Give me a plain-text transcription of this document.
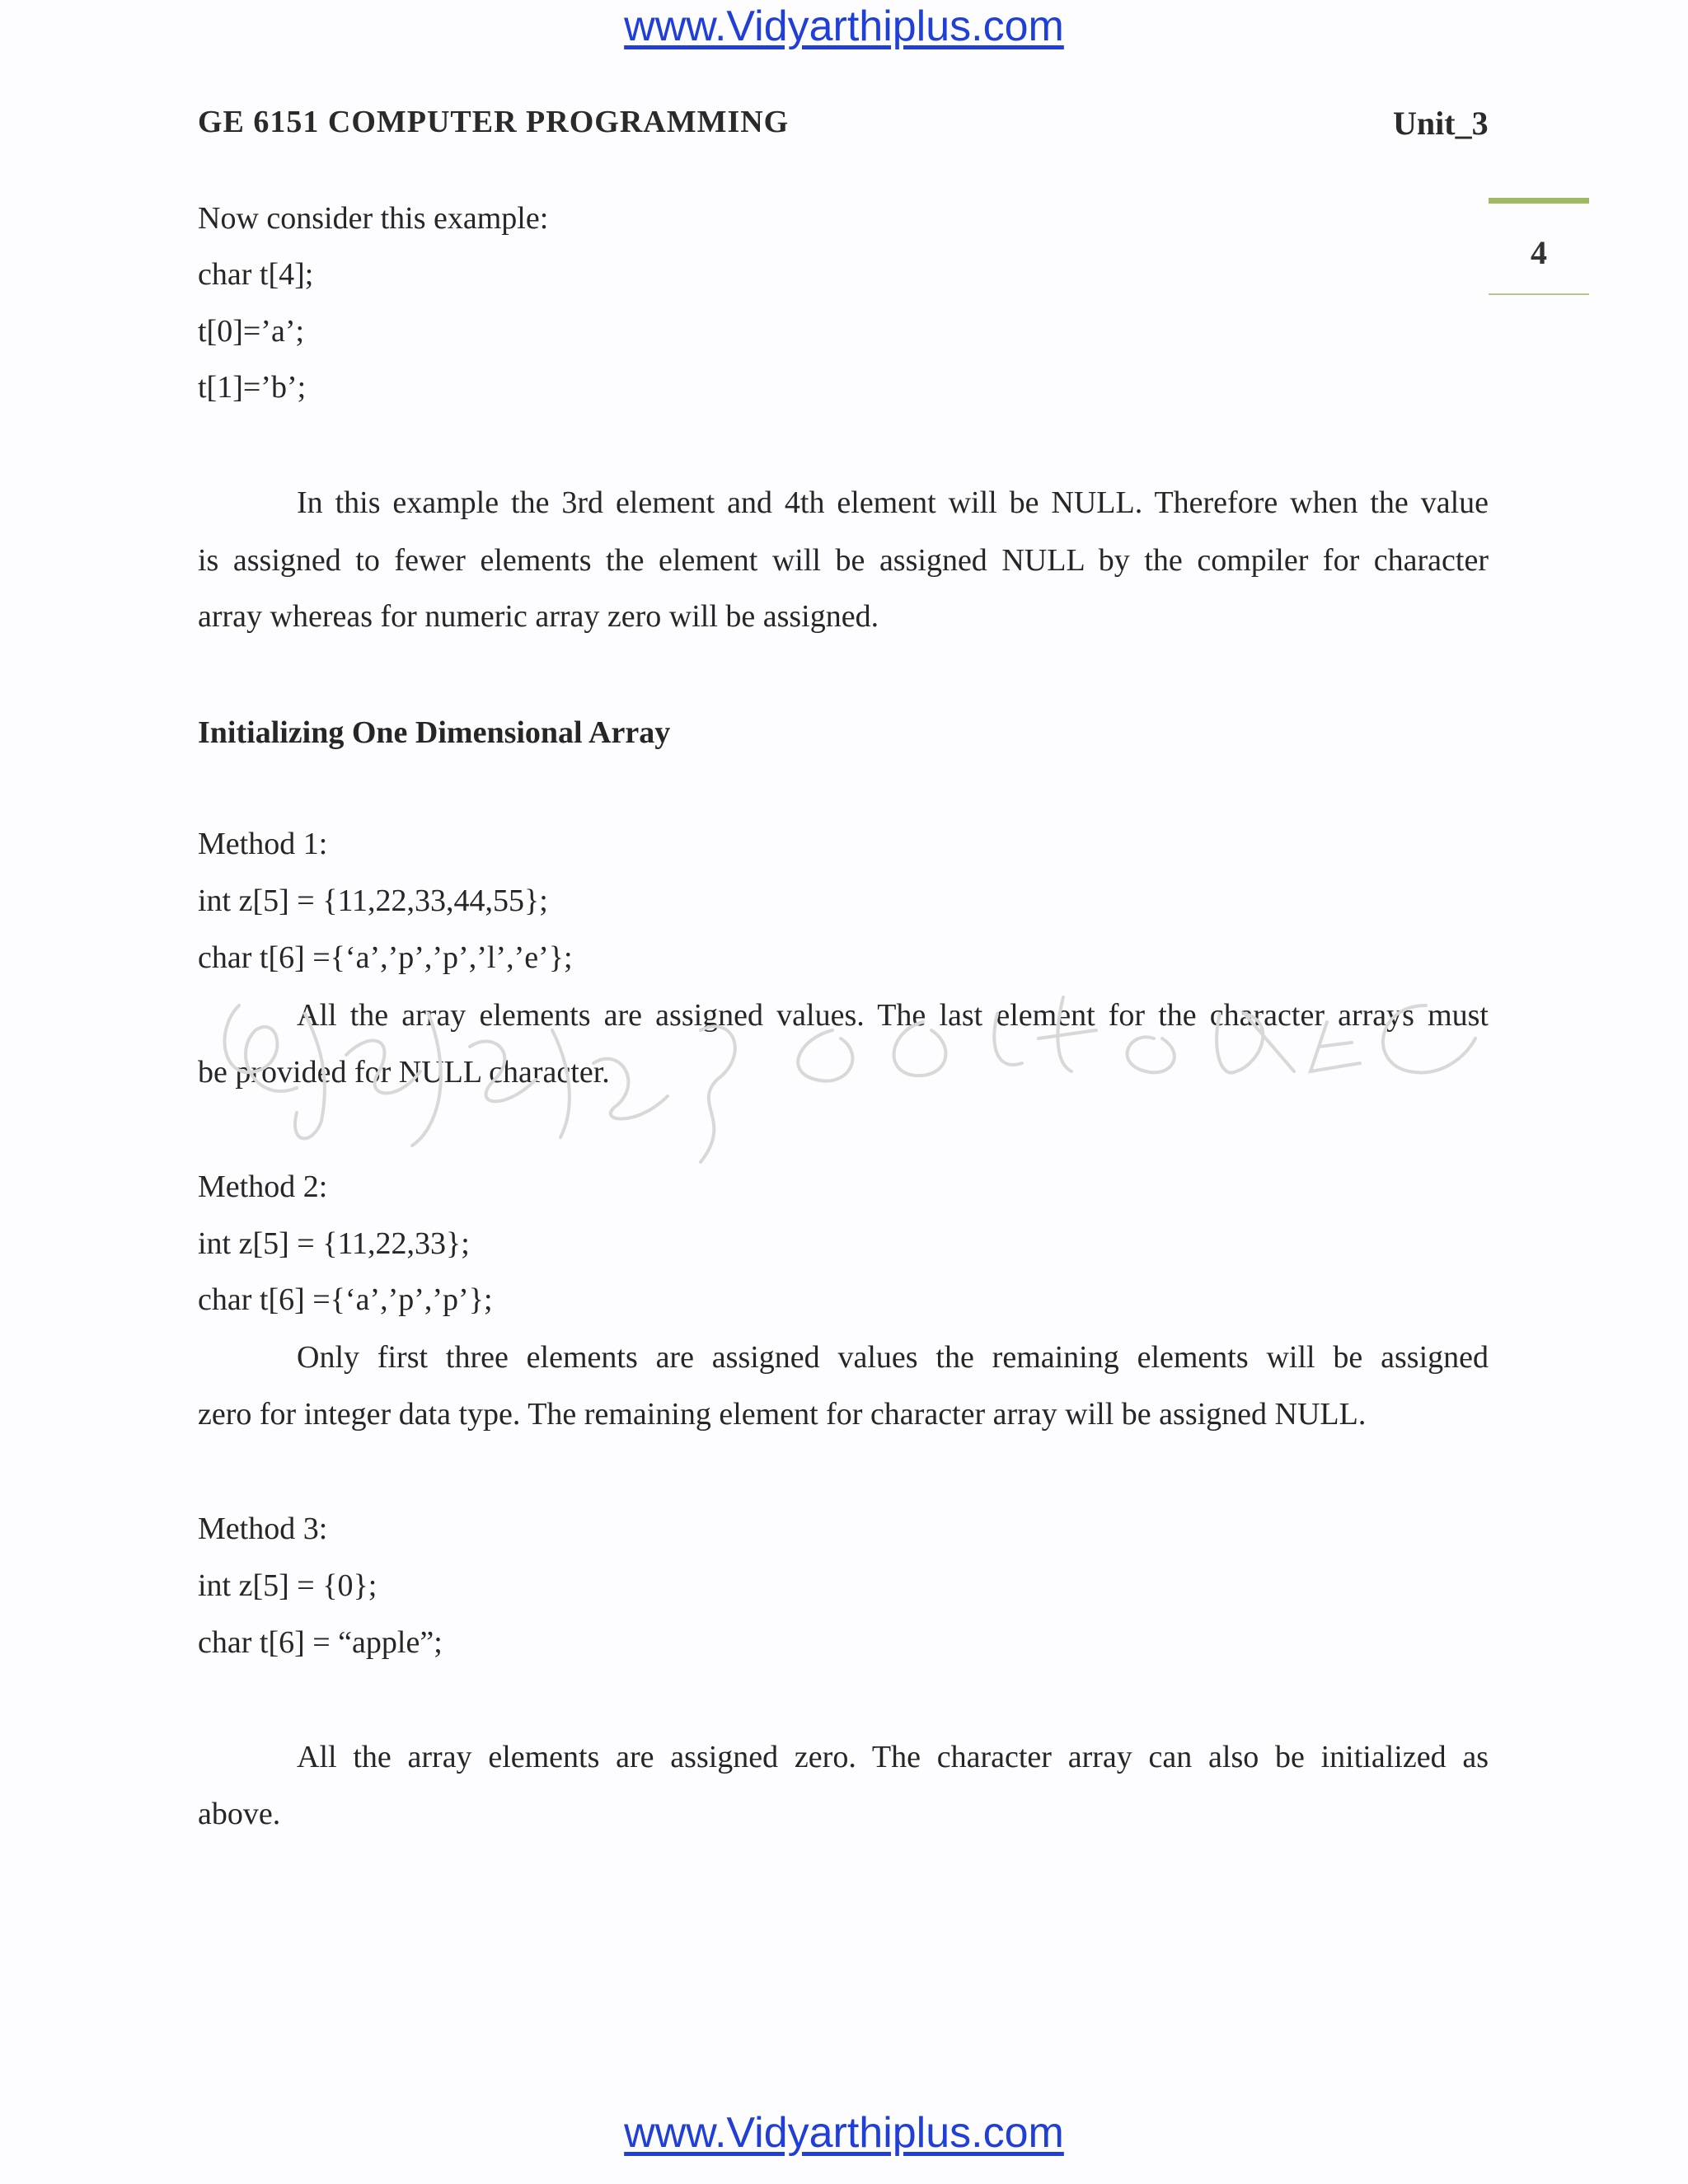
www.Vidyarthiplus.com
GE 6151 COMPUTER PROGRAMMING	Unit_3
4
Now consider this example:
char t[4];
t[0]=’a’;
t[1]=’b’;
In this example the 3rd element and 4th element will be NULL. Therefore when the value
is assigned to fewer elements the element will be assigned NULL by the compiler for character
array whereas for numeric array zero will be assigned.
Initializing One Dimensional Array
Method 1:
int z[5] = {11,22,33,44,55};
char t[6] ={‘a’,’p’,’p’,’l’,’e’};
All the array elements are assigned values. The last element for the character arrays must
be provided for NULL character.
Method 2:
int z[5] = {11,22,33};
char t[6] ={‘a’,’p’,’p’};
Only first three elements are assigned values the remaining elements will be assigned
zero for integer data type. The remaining element for character array will be assigned NULL.
Method 3:
int z[5] = {0};
char t[6] = “apple”;
All the array elements are assigned zero. The character array can also be initialized as
above.
www.Vidyarthiplus.com
